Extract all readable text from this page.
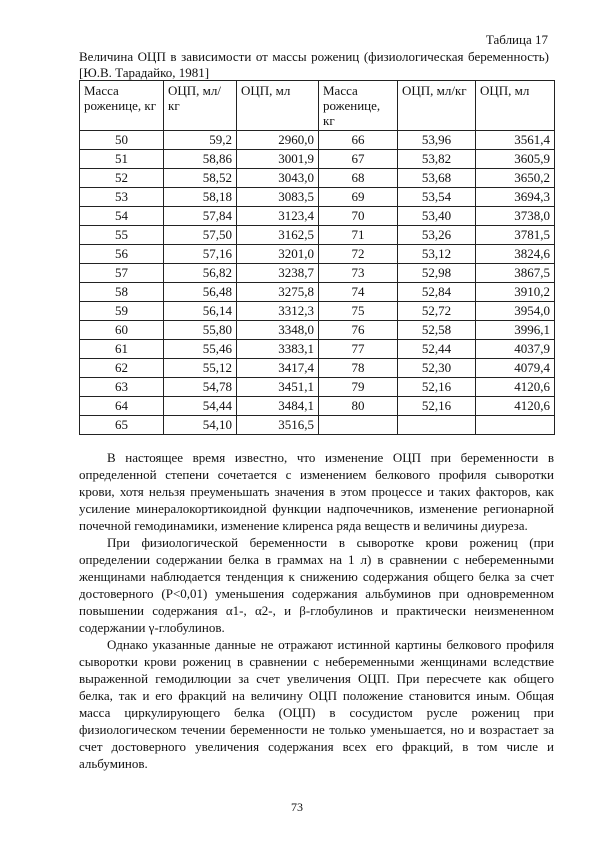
Таблица 17
Величина ОЦП в зависимости от массы рожениц (физиологическая беременность) [Ю.В. Тарадайко, 1981]
Масса роженице, кг	ОЦП, мл/кг	ОЦП, мл	Масса роженице, кг	ОЦП, мл/кг	ОЦП, мл
50	59,2	2960,0	66	53,96	3561,4
51	58,86	3001,9	67	53,82	3605,9
52	58,52	3043,0	68	53,68	3650,2
53	58,18	3083,5	69	53,54	3694,3
54	57,84	3123,4	70	53,40	3738,0
55	57,50	3162,5	71	53,26	3781,5
56	57,16	3201,0	72	53,12	3824,6
57	56,82	3238,7	73	52,98	3867,5
58	56,48	3275,8	74	52,84	3910,2
59	56,14	3312,3	75	52,72	3954,0
60	55,80	3348,0	76	52,58	3996,1
61	55,46	3383,1	77	52,44	4037,9
62	55,12	3417,4	78	52,30	4079,4
63	54,78	3451,1	79	52,16	4120,6
64	54,44	3484,1	80	52,16	4120,6
65	54,10	3516,5			

В настоящее время известно, что изменение ОЦП при беременности в определенной степени сочетается с изменением белкового профиля сыворотки крови, хотя нельзя преуменьшать значения в этом процессе и таких факторов, как усиление минералокортикоидной функции надпочечников, изменение регионарной почечной гемодинамики, изменение клиренса ряда веществ и величины диуреза.

При физиологической беременности в сыворотке крови рожениц (при определении содержании белка в граммах на 1 л) в сравнении с небеременными женщинами наблюдается тенденция к снижению содержания общего белка за счет достоверного (P<0,01) уменьшения содержания альбуминов при одновременном повышении содержания α1-, α2-, и β-глобулинов и практически неизмененном содержании γ-глобулинов.

Однако указанные данные не отражают истинной картины белкового профиля сыворотки крови рожениц в сравнении с небеременными женщинами вследствие выраженной гемодилюции за счет увеличения ОЦП. При пересчете как общего белка, так и его фракций на величину ОЦП положение становится иным. Общая масса циркулирующего белка (ОЦП) в сосудистом русле рожениц при физиологическом течении беременности не только уменьшается, но и возрастает за счет достоверного увеличения содержания всех его фракций, в том числе и альбуминов.

73
